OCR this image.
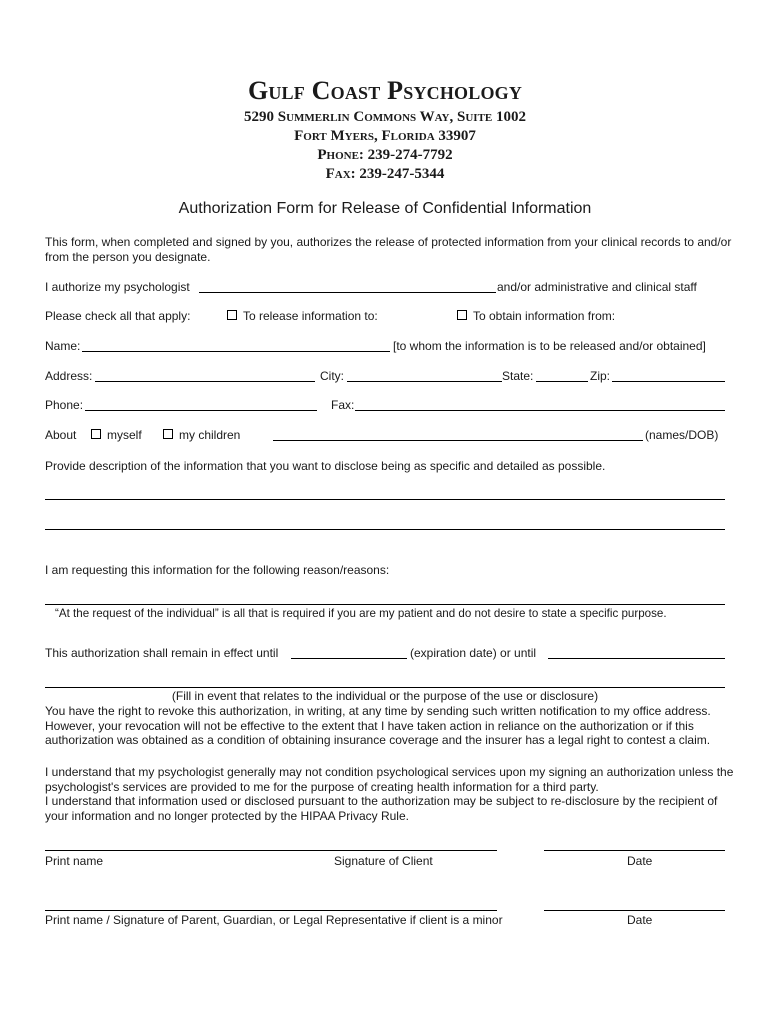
Gulf Coast Psychology
5290 Summerlin Commons Way, Suite 1002
Fort Myers, Florida 33907
Phone: 239-274-7792
Fax: 239-247-5344
Authorization Form for Release of Confidential Information
This form, when completed and signed by you, authorizes the release of protected information from your clinical records to and/or from the person you designate.
I authorize my psychologist	and/or administrative and clinical staff
Please check all that apply:	To release information to:	To obtain information from:
Name:	[to whom the information is to be released and/or obtained]
Address:	City:	State:	Zip:
Phone:	Fax:
About	myself	my children	(names/DOB)
Provide description of the information that you want to disclose being as specific and detailed as possible.
I am requesting this information for the following reason/reasons:
“At the request of the individual” is all that is required if you are my patient and do not desire to state a specific purpose.
This authorization shall remain in effect until	(expiration date) or until
(Fill in event that relates to the individual or the purpose of the use or disclosure)
You have the right to revoke this authorization, in writing, at any time by sending such written notification to my office address. However, your revocation will not be effective to the extent that I have taken action in reliance on the authorization or if this authorization was obtained as a condition of obtaining insurance coverage and the insurer has a legal right to contest a claim.
I understand that my psychologist generally may not condition psychological services upon my signing an authorization unless the psychologist's services are provided to me for the purpose of creating health information for a third party.
I understand that information used or disclosed pursuant to the authorization may be subject to re-disclosure by the recipient of your information and no longer protected by the HIPAA Privacy Rule.
Print name	Signature of Client	Date
Print name / Signature of Parent, Guardian, or Legal Representative if client is a minor	Date
